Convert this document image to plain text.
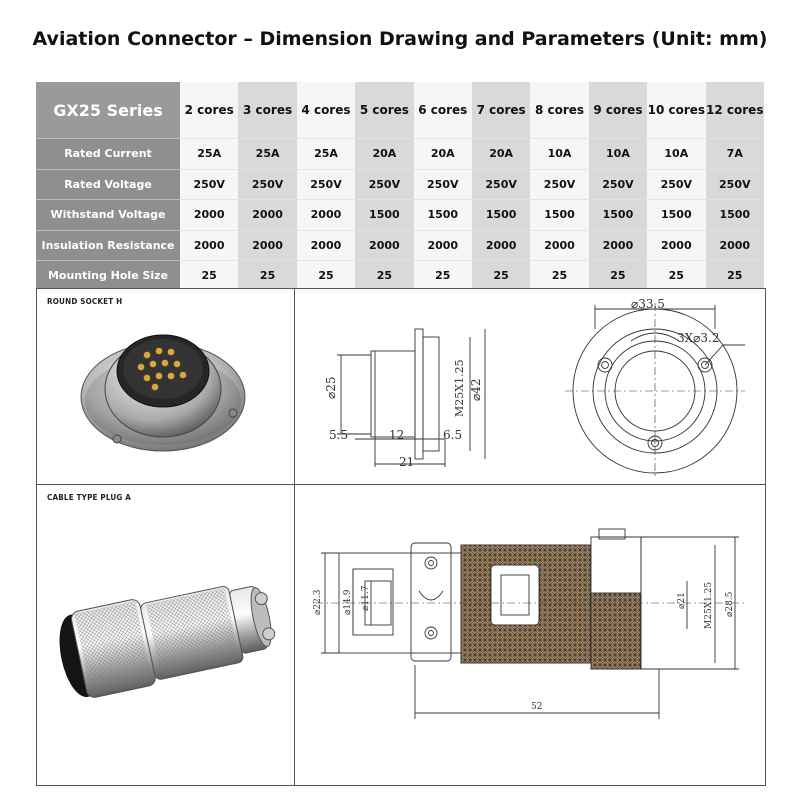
Aviation Connector – Dimension Drawing and Parameters (Unit: mm)
GX25 Series	2 cores	3 cores	4 cores	5 cores	6 cores	7 cores	8 cores	9 cores	10 cores	12 cores
Rated Current	25A	25A	25A	20A	20A	20A	10A	10A	10A	7A
Rated Voltage	250V	250V	250V	250V	250V	250V	250V	250V	250V	250V
Withstand Voltage	2000	2000	2000	1500	1500	1500	1500	1500	1500	1500
Insulation Resistance	2000	2000	2000	2000	2000	2000	2000	2000	2000	2000
Mounting Hole Size	25	25	25	25	25	25	25	25	25	25
ROUND SOCKET H
⌀25	M25X1.25 ⌀42
5.5	12	6.5
21
⌀33.5
3X⌀3.2
CABLE TYPE PLUG A
⌀22.3 ⌀14.9 ⌀11.7	⌀21 M25X1.25 ⌀28.5
52
